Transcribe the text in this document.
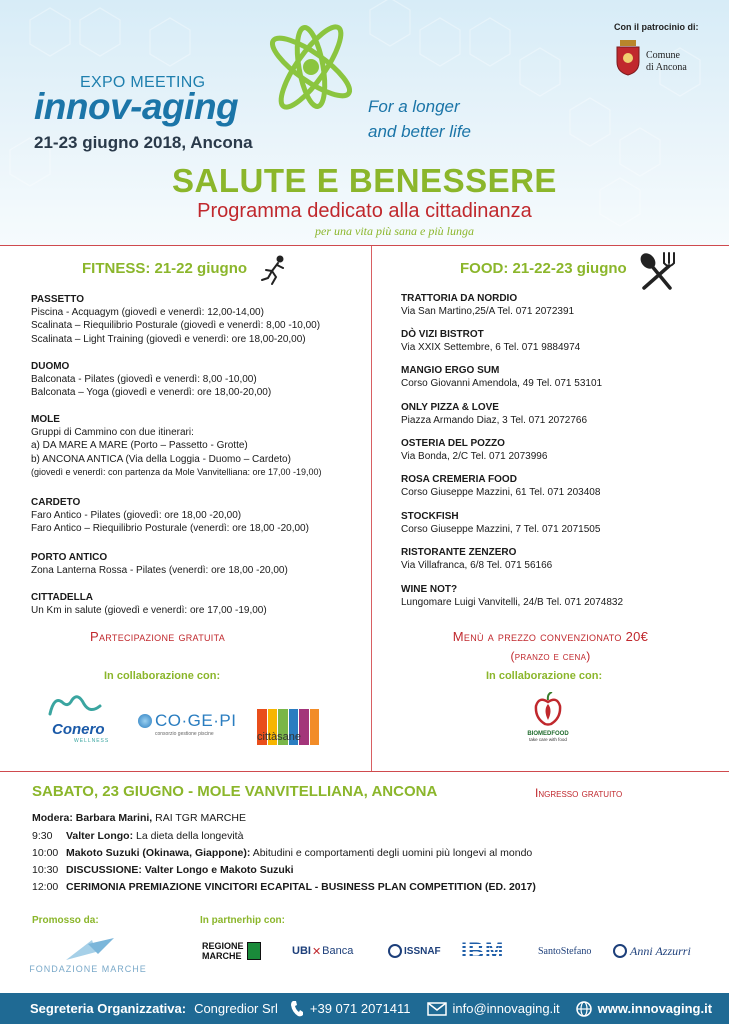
EXPO MEETING
innov-aging
21-23 giugno 2018, Ancona
For a longer
and better life
Con il patrocinio di:
Comune
di Ancona
SALUTE E BENESSERE
Programma dedicato alla cittadinanza
per una vita più sana e più lunga
FITNESS: 21-22 giugno
PASSETTO
Piscina - Acquagym (giovedì e venerdì: 12,00-14,00)
Scalinata – Riequilibrio Posturale (giovedì e venerdì: 8,00 -10,00)
Scalinata – Light Training (giovedì e venerdì: ore 18,00-20,00)
DUOMO
Balconata - Pilates (giovedì e venerdì: 8,00 -10,00)
Balconata – Yoga (giovedì e venerdì: ore 18,00-20,00)
MOLE
Gruppi di Cammino con due itinerari:
a) DA MARE A MARE (Porto – Passetto - Grotte)
b) ANCONA ANTICA (Via della Loggia - Duomo – Cardeto)
(giovedì e venerdì: con partenza da Mole Vanvitelliana: ore 17,00 -19,00)
CARDETO
Faro Antico - Pilates (giovedì: ore 18,00 -20,00)
Faro Antico – Riequilibrio Posturale (venerdì: ore 18,00 -20,00)
PORTO ANTICO
Zona Lanterna Rossa - Pilates (venerdì: ore 18,00 -20,00)
CITTADELLA
Un Km in salute (giovedì e venerdì: ore 17,00 -19,00)
Partecipazione gratuita
In collaborazione con:
Conero
WELLNESS
CO·GE·PI
consorzio gestione piscine	cittàsane
FOOD: 21-22-23 giugno
TRATTORIA DA NORDIO
Via San Martino,25/A Tel. 071 2072391
DÒ VIZI BISTROT
Via XXIX Settembre, 6 Tel. 071 9884974
MANGIO ERGO SUM
Corso Giovanni Amendola, 49 Tel. 071 53101
ONLY PIZZA & LOVE
Piazza Armando Diaz, 3 Tel. 071 2072766
OSTERIA DEL POZZO
Via Bonda, 2/C Tel. 071 2073996
ROSA CREMERIA FOOD
Corso Giuseppe Mazzini, 61 Tel. 071 203408
STOCKFISH
Corso Giuseppe Mazzini, 7 Tel. 071 2071505
RISTORANTE ZENZERO
Via Villafranca, 6/8 Tel. 071 56166
WINE NOT?
Lungomare Luigi Vanvitelli, 24/B Tel. 071 2074832
Menù a prezzo convenzionato 20€
(pranzo e cena)
In collaborazione con:
BIOMEDFOOD
take care with food
SABATO, 23 GIUGNO - MOLE VANVITELLIANA, ANCONA	Ingresso gratuito
Modera: Barbara Marini, RAI TGR MARCHE
9:30 Valter Longo: La dieta della longevità
10:00 Makoto Suzuki (Okinawa, Giappone): Abitudini e comportamenti degli uomini più longevi al mondo
10:30 DISCUSSIONE: Valter Longo e Makoto Suzuki
12:00 CERIMONIA PREMIAZIONE VINCITORI ECAPITAL - BUSINESS PLAN COMPETITION (ED. 2017)
Promosso da:	In partnerhip con:
FONDAZIONE MARCHE
REGIONE
MARCHE	UBI ✕ Banca	ISSNAF IBM	SantoStefano	Anni Azzurri
Segreteria Organizzativa: Congredior Srl +39 071 2071411	info@innovaging.it	www.innovaging.it
